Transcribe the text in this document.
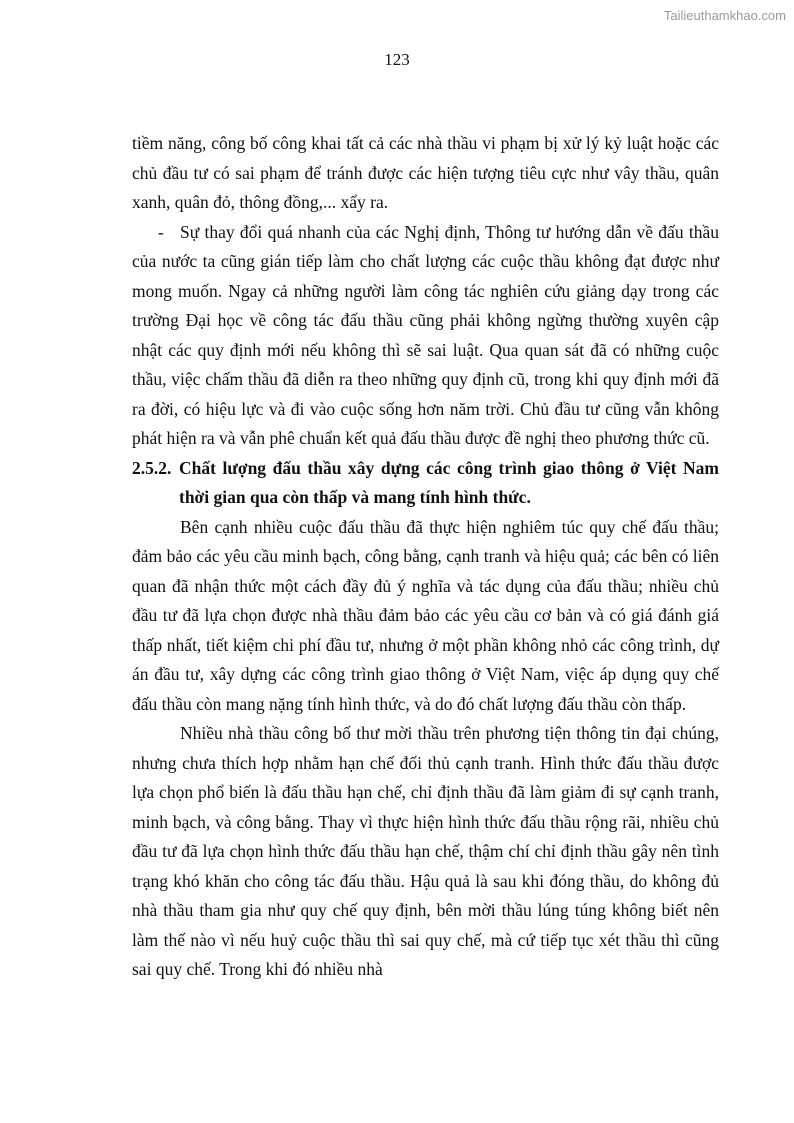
Tailieuthamkhao.com
123

tiềm năng, công bố công khai tất cả các nhà thầu vi phạm bị xử lý kỷ luật hoặc các chủ đầu tư có sai phạm để tránh được các hiện tượng tiêu cực như vây thầu, quân xanh, quân đỏ, thông đồng,... xẩy ra.

- Sự thay đổi quá nhanh của các Nghị định, Thông tư hướng dẫn về đấu thầu của nước ta cũng gián tiếp làm cho chất lượng các cuộc thầu không đạt được như mong muốn. Ngay cả những người làm công tác nghiên cứu giảng dạy trong các trường Đại học về công tác đấu thầu cũng phải không ngừng thường xuyên cập nhật các quy định mới nếu không thì sẽ sai luật. Qua quan sát đã có những cuộc thầu, việc chấm thầu đã diễn ra theo những quy định cũ, trong khi quy định mới đã ra đời, có hiệu lực và đi vào cuộc sống hơn năm trời. Chủ đầu tư cũng vẫn không phát hiện ra và vẫn phê chuẩn kết quả đấu thầu được đề nghị theo phương thức cũ.

2.5.2. Chất lượng đấu thầu xây dựng các công trình giao thông ở Việt Nam thời gian qua còn thấp và mang tính hình thức.

Bên cạnh nhiều cuộc đấu thầu đã thực hiện nghiêm túc quy chế đấu thầu; đảm bảo các yêu cầu minh bạch, công bằng, cạnh tranh và hiệu quả; các bên có liên quan đã nhận thức một cách đầy đủ ý nghĩa và tác dụng của đấu thầu; nhiều chủ đầu tư đã lựa chọn được nhà thầu đảm bảo các yêu cầu cơ bản và có giá đánh giá thấp nhất, tiết kiệm chi phí đầu tư, nhưng ở một phần không nhỏ các công trình, dự án đầu tư, xây dựng các công trình giao thông ở Việt Nam, việc áp dụng quy chế đấu thầu còn mang nặng tính hình thức, và do đó chất lượng đấu thầu còn thấp.

Nhiều nhà thầu công bố thư mời thầu trên phương tiện thông tin đại chúng, nhưng chưa thích hợp nhằm hạn chế đối thủ cạnh tranh. Hình thức đấu thầu được lựa chọn phổ biến là đấu thầu hạn chế, chỉ định thầu đã làm giảm đi sự cạnh tranh, minh bạch, và công bằng. Thay vì thực hiện hình thức đấu thầu rộng rãi, nhiều chủ đầu tư đã lựa chọn hình thức đấu thầu hạn chế, thậm chí chỉ định thầu gây nên tình trạng khó khăn cho công tác đấu thầu. Hậu quả là sau khi đóng thầu, do không đủ nhà thầu tham gia như quy chế quy định, bên mời thầu lúng túng không biết nên làm thế nào vì nếu huỷ cuộc thầu thì sai quy chế, mà cứ tiếp tục xét thầu thì cũng sai quy chế. Trong khi đó nhiều nhà
